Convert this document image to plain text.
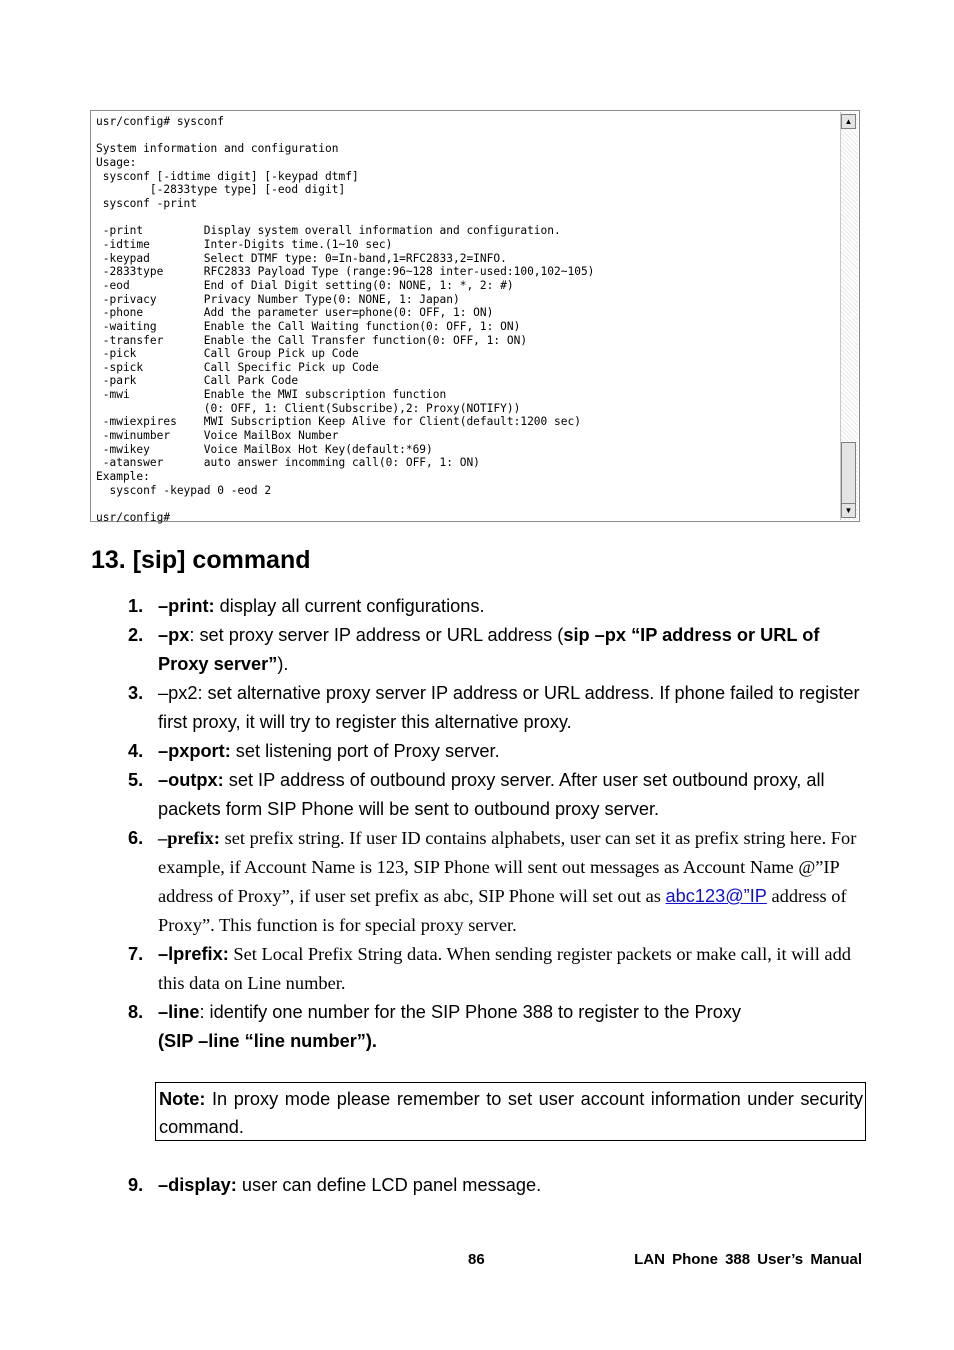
usr/config# sysconf

System information and configuration
Usage:
sysconf [-idtime digit] [-keypad dtmf]
[-2833type type] [-eod digit]
sysconf -print

-print         Display system overall information and configuration.
-idtime        Inter-Digits time.(1~10 sec)
-keypad        Select DTMF type: 0=In-band,1=RFC2833,2=INFO.
-2833type      RFC2833 Payload Type (range:96~128 inter-used:100,102~105)
-eod           End of Dial Digit setting(0: NONE, 1: *, 2: #)
-privacy       Privacy Number Type(0: NONE, 1: Japan)
-phone         Add the parameter user=phone(0: OFF, 1: ON)
-waiting       Enable the Call Waiting function(0: OFF, 1: ON)
-transfer      Enable the Call Transfer function(0: OFF, 1: ON)
-pick          Call Group Pick up Code
-spick         Call Specific Pick up Code
-park          Call Park Code
-mwi           Enable the MWI subscription function
(0: OFF, 1: Client(Subscribe),2: Proxy(NOTIFY))
-mwiexpires    MWI Subscription Keep Alive for Client(default:1200 sec)
-mwinumber     Voice MailBox Number
-mwikey        Voice MailBox Hot Key(default:*69)
-atanswer      auto answer incomming call(0: OFF, 1: ON)
Example:
sysconf -keypad 0 -eod 2

usr/config#
▲
▼
13. [sip] command
1. –print: display all current configurations.
2. –px: set proxy server IP address or URL address (sip –px “IP address or URL of Proxy server”).
3. –px2: set alternative proxy server IP address or URL address. If phone failed to register first proxy, it will try to register this alternative proxy.
4. –pxport: set listening port of Proxy server.
5. –outpx: set IP address of outbound proxy server. After user set outbound proxy, all packets form SIP Phone will be sent to outbound proxy server.
6. –prefix: set prefix string. If user ID contains alphabets, user can set it as prefix string here. For example, if Account Name is 123, SIP Phone will sent out messages as Account Name @”IP address of Proxy”, if user set prefix as abc, SIP Phone will set out as abc123@”IP address of Proxy”. This function is for special proxy server.
7. –lprefix: Set Local Prefix String data. When sending register packets or make call, it will add this data on Line number.
8. –line: identify one number for the SIP Phone 388 to register to the Proxy
(SIP –line “line number”).
Note: In proxy mode please remember to set user account information under security command.
9. –display: user can define LCD panel message.
86	LAN Phone 388 User’s Manual
